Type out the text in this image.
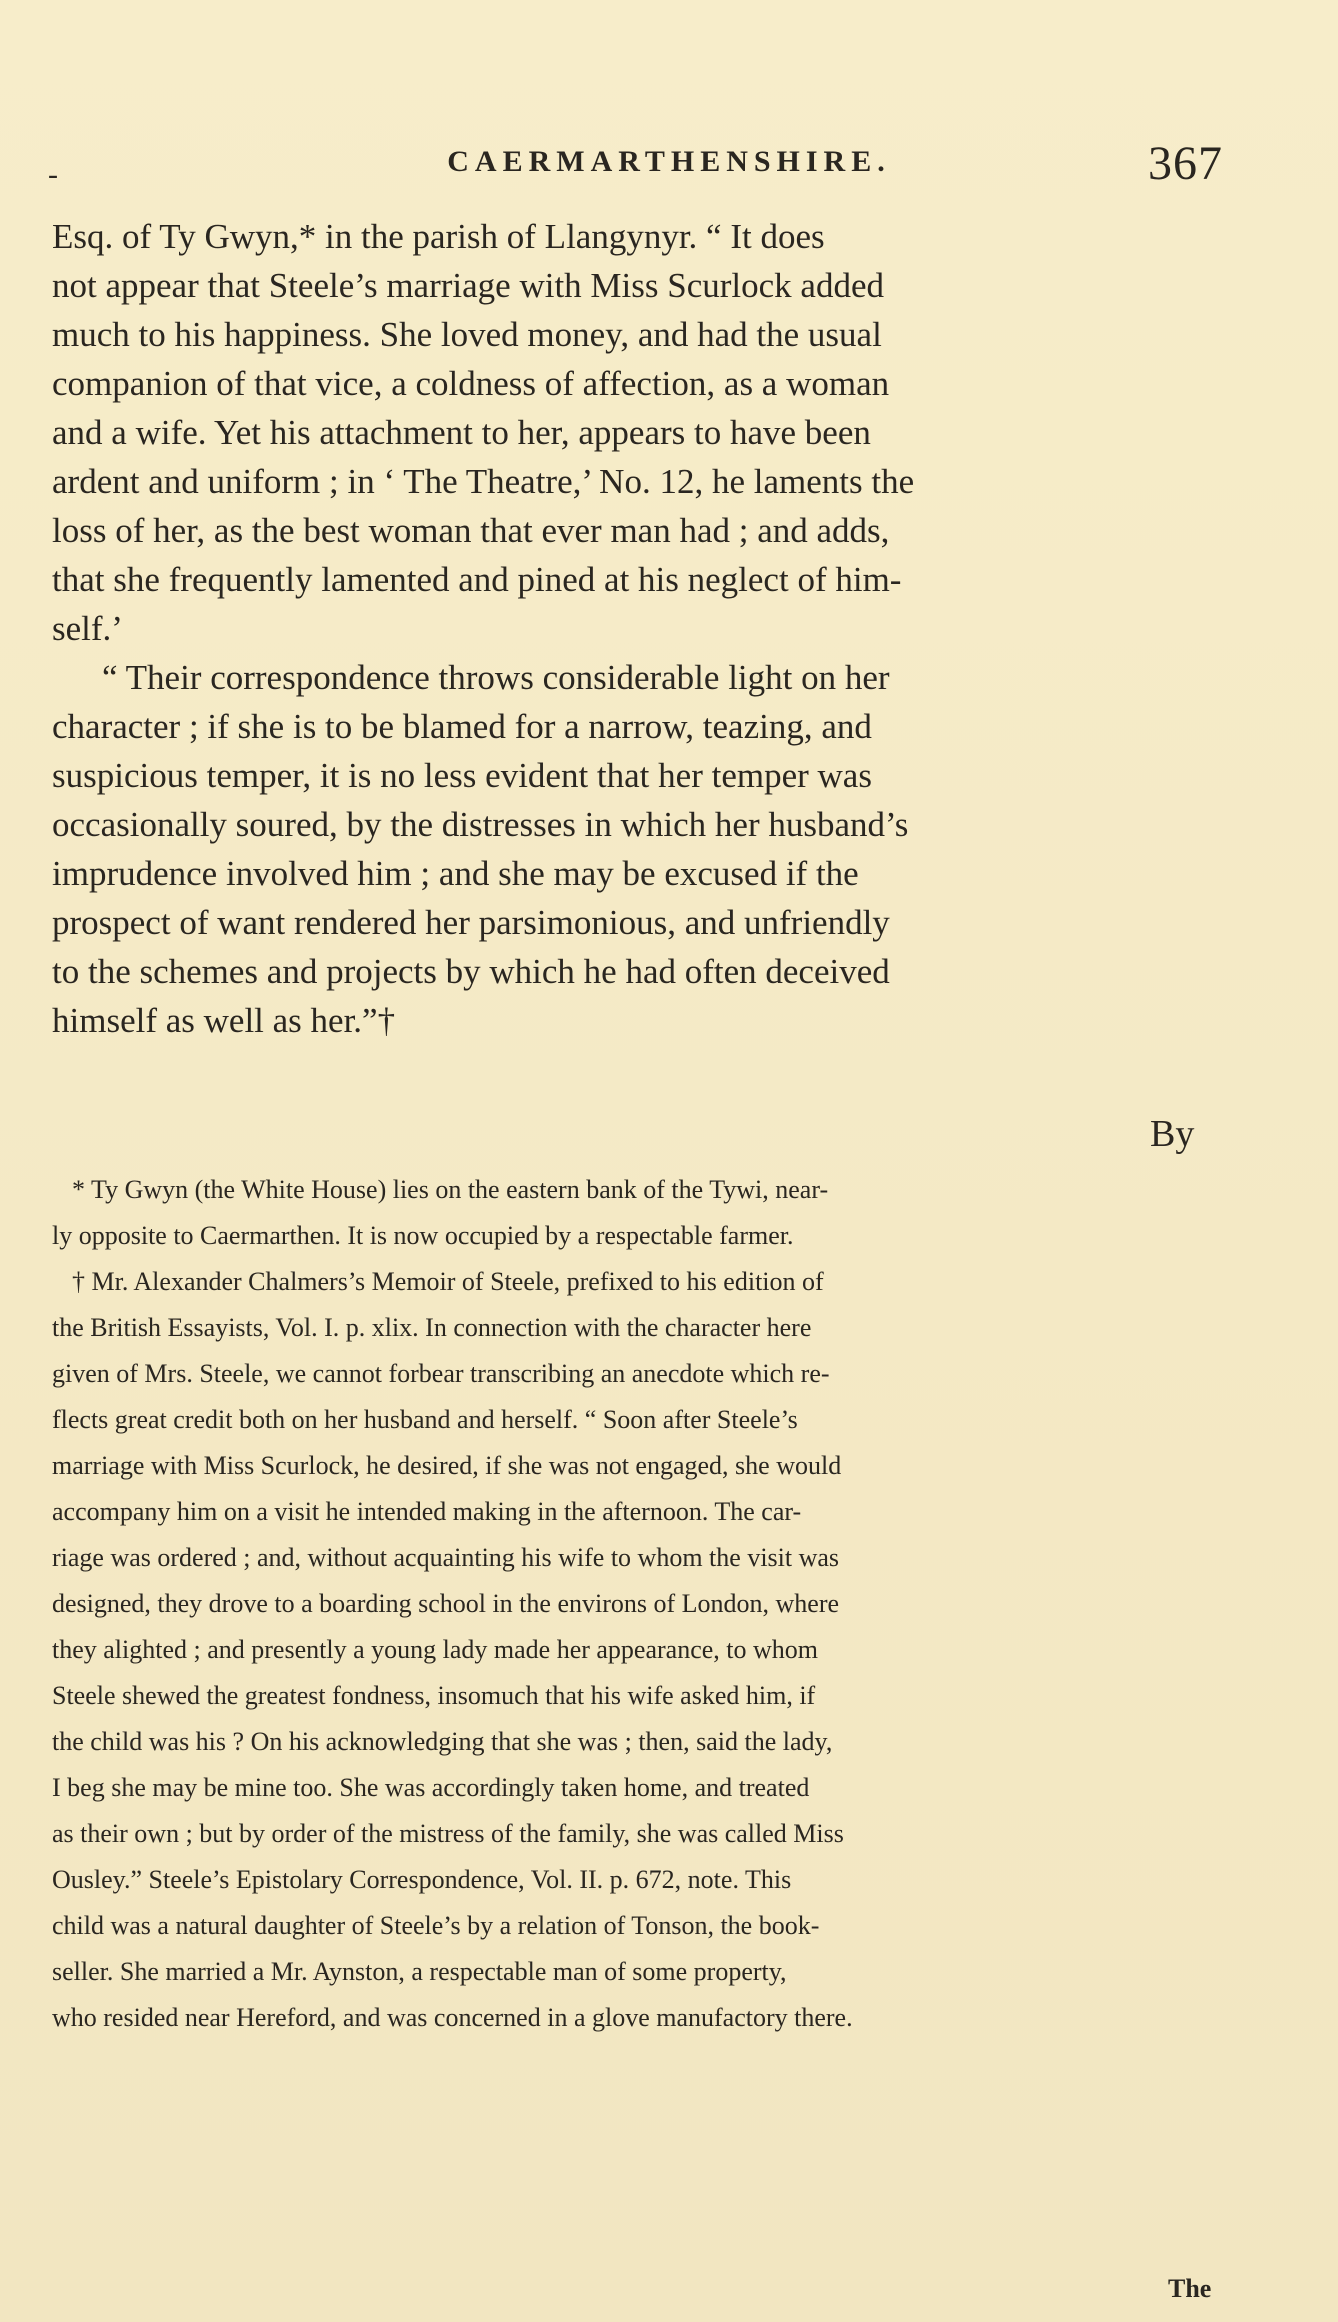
-	CAERMARTHENSHIRE.	367
Esq. of Ty Gwyn,* in the parish of Llangynyr. “ It does
not appear that Steele’s marriage with Miss Scurlock added
much to his happiness. She loved money, and had the usual
companion of that vice, a coldness of affection, as a woman
and a wife. Yet his attachment to her, appears to have been
ardent and uniform ; in ‘ The Theatre,’ No. 12, he laments the
loss of her, as the best woman that ever man had ; and adds,
that she frequently lamented and pined at his neglect of him-
self.’
“ Their correspondence throws considerable light on her
character ; if she is to be blamed for a narrow, teazing, and
suspicious temper, it is no less evident that her temper was
occasionally soured, by the distresses in which her husband’s
imprudence involved him ; and she may be excused if the
prospect of want rendered her parsimonious, and unfriendly
to the schemes and projects by which he had often deceived
himself as well as her.”†
By
* Ty Gwyn (the White House) lies on the eastern bank of the Tywi, near-
ly opposite to Caermarthen. It is now occupied by a respectable farmer.
† Mr. Alexander Chalmers’s Memoir of Steele, prefixed to his edition of
the British Essayists, Vol. I. p. xlix. In connection with the character here
given of Mrs. Steele, we cannot forbear transcribing an anecdote which re-
flects great credit both on her husband and herself. “ Soon after Steele’s
marriage with Miss Scurlock, he desired, if she was not engaged, she would
accompany him on a visit he intended making in the afternoon. The car-
riage was ordered ; and, without acquainting his wife to whom the visit was
designed, they drove to a boarding school in the environs of London, where
they alighted ; and presently a young lady made her appearance, to whom
Steele shewed the greatest fondness, insomuch that his wife asked him, if
the child was his ? On his acknowledging that she was ; then, said the lady,
I beg she may be mine too. She was accordingly taken home, and treated
as their own ; but by order of the mistress of the family, she was called Miss
Ousley.” Steele’s Epistolary Correspondence, Vol. II. p. 672, note. This
child was a natural daughter of Steele’s by a relation of Tonson, the book-
seller. She married a Mr. Aynston, a respectable man of some property,
who resided near Hereford, and was concerned in a glove manufactory there.
The
